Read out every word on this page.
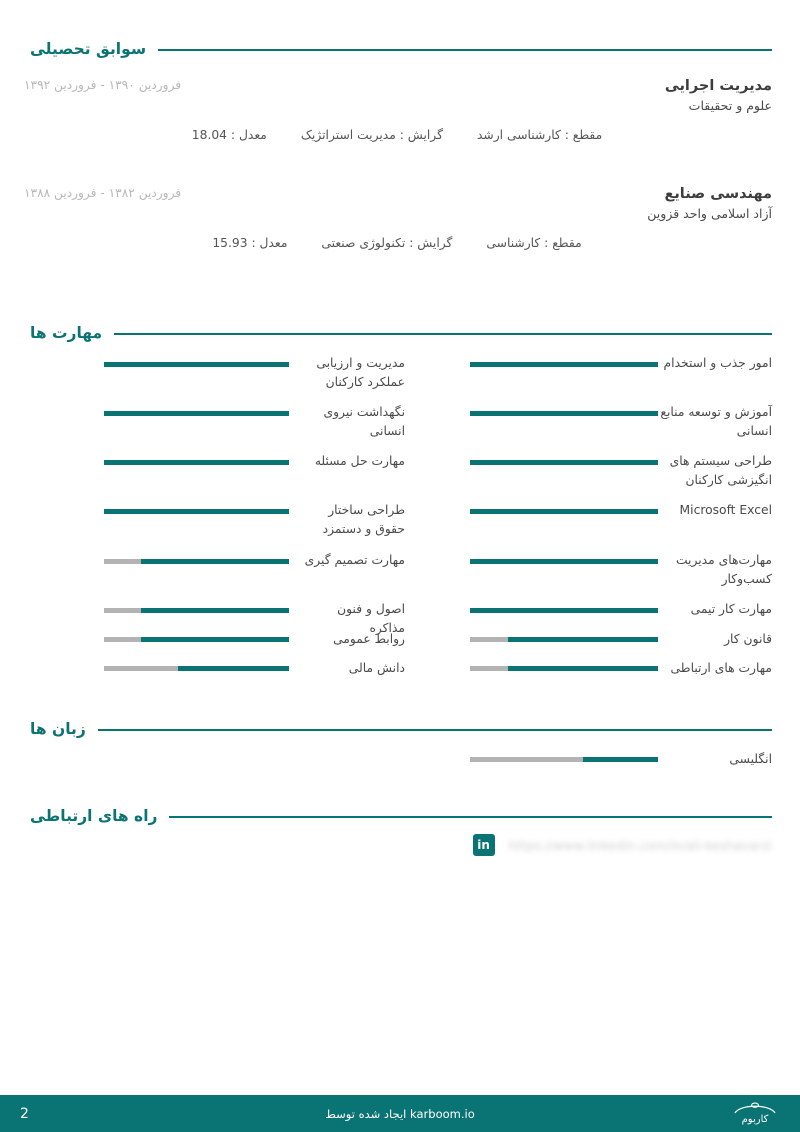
سوابق تحصیلی
مدیریت اجرایی
علوم و تحقیقات
مقطع : کارشناسی ارشد
گرایش : مدیریت استراتژیک
معدل : 18.04
فروردین ۱۳۹۰ - فروردین ۱۳۹۲
مهندسی صنایع
آزاد اسلامی واحد قزوین
مقطع : کارشناسی
گرایش : تکنولوژی صنعتی
معدل : 15.93
فروردین ۱۳۸۲ - فروردین ۱۳۸۸
مهارت ها
امور جذب و استخدام
آموزش و توسعه منابع انسانی
طراحی سیستم های انگیزشی کارکنان
Microsoft Excel
مهارت‌های مدیریت کسب‌وکار
مهارت کار تیمی
قانون کار
مهارت های ارتباطی
مدیریت و ارزیابی عملکرد کارکنان
نگهداشت نیروی انسانی
مهارت حل مسئله
طراحی ساختار حقوق و دستمزد
مهارت تصمیم گیری
اصول و فنون مذاکره
روابط عمومی
دانش مالی
زبان ها
انگلیسی
راه های ارتباطی
in	https://www.linkedin.com/in/ali-keshavarzi
2	karboom.io ایجاد شده توسط	کاربوم
